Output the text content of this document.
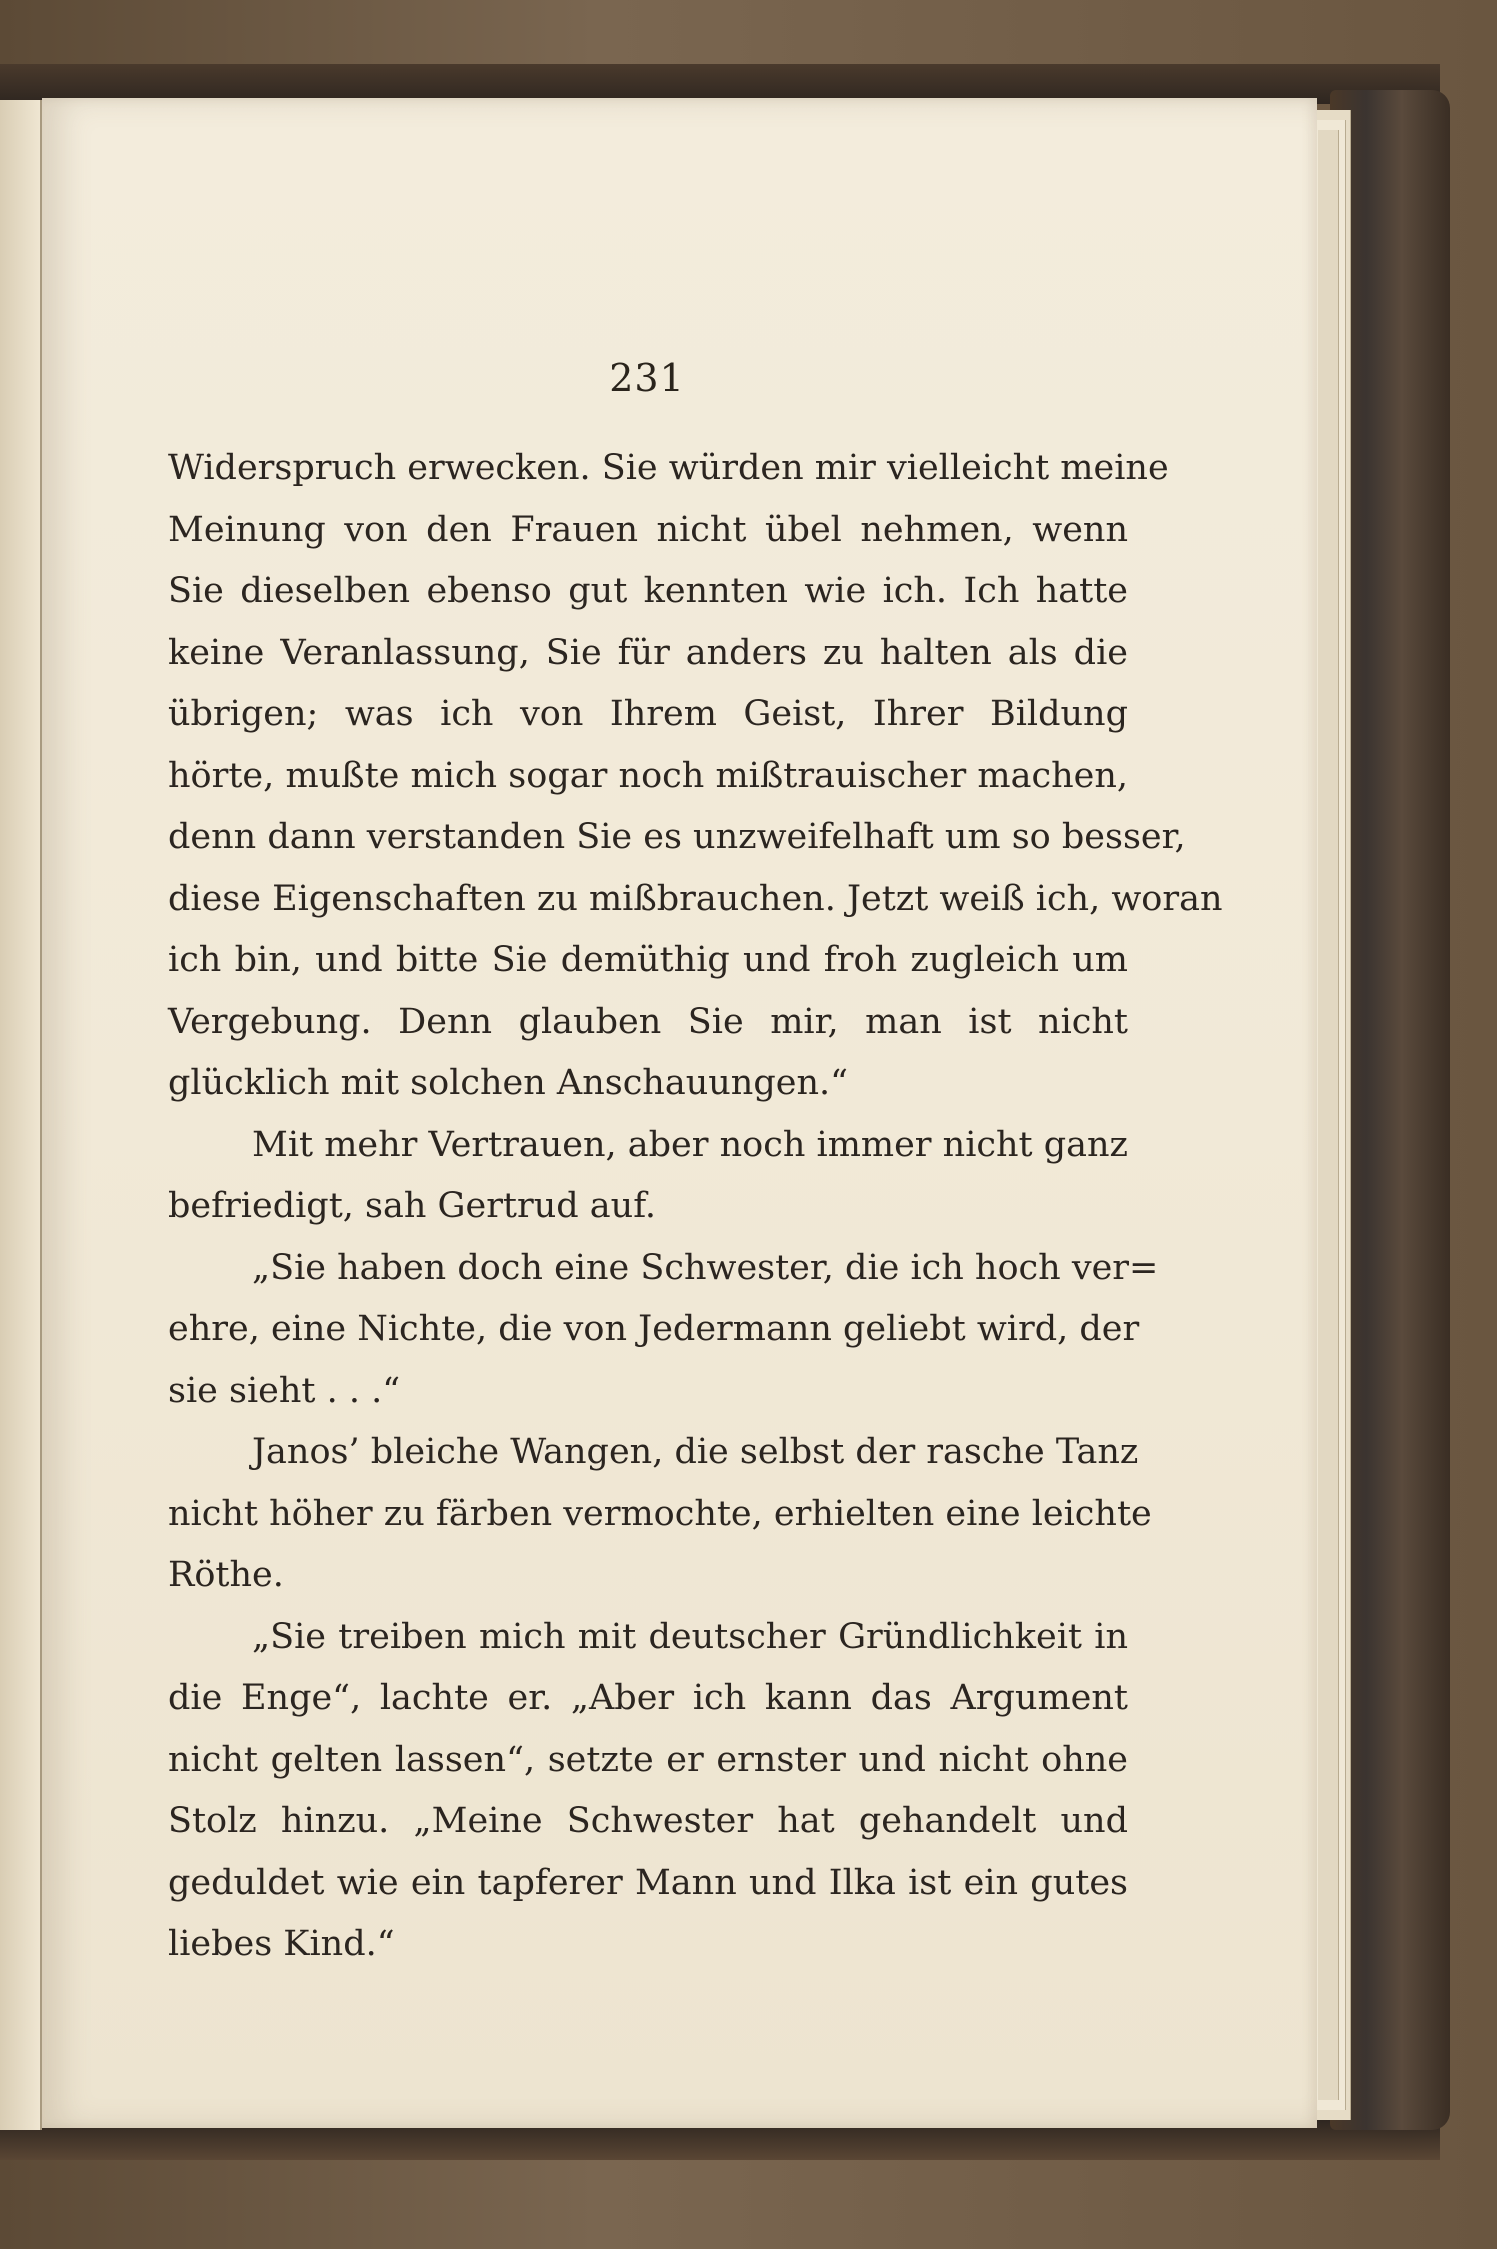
231
Widerspruch erwecken. Sie würden mir vielleicht meine
Meinung von den Frauen nicht übel nehmen, wenn
Sie dieselben ebenso gut kennten wie ich. Ich hatte
keine Veranlassung, Sie für anders zu halten als die
übrigen; was ich von Ihrem Geist, Ihrer Bildung
hörte, mußte mich sogar noch mißtrauischer machen,
denn dann verstanden Sie es unzweifelhaft um so besser,
diese Eigenschaften zu mißbrauchen. Jetzt weiß ich, woran
ich bin, und bitte Sie demüthig und froh zugleich um
Vergebung. Denn glauben Sie mir, man ist nicht
glücklich mit solchen Anschauungen.“
Mit mehr Vertrauen, aber noch immer nicht ganz
befriedigt, sah Gertrud auf.
„Sie haben doch eine Schwester, die ich hoch ver=
ehre, eine Nichte, die von Jedermann geliebt wird, der
sie sieht . . .“
Janos’ bleiche Wangen, die selbst der rasche Tanz
nicht höher zu färben vermochte, erhielten eine leichte
Röthe.
„Sie treiben mich mit deutscher Gründlichkeit in
die Enge“, lachte er. „Aber ich kann das Argument
nicht gelten lassen“, setzte er ernster und nicht ohne
Stolz hinzu. „Meine Schwester hat gehandelt und
geduldet wie ein tapferer Mann und Ilka ist ein gutes
liebes Kind.“
